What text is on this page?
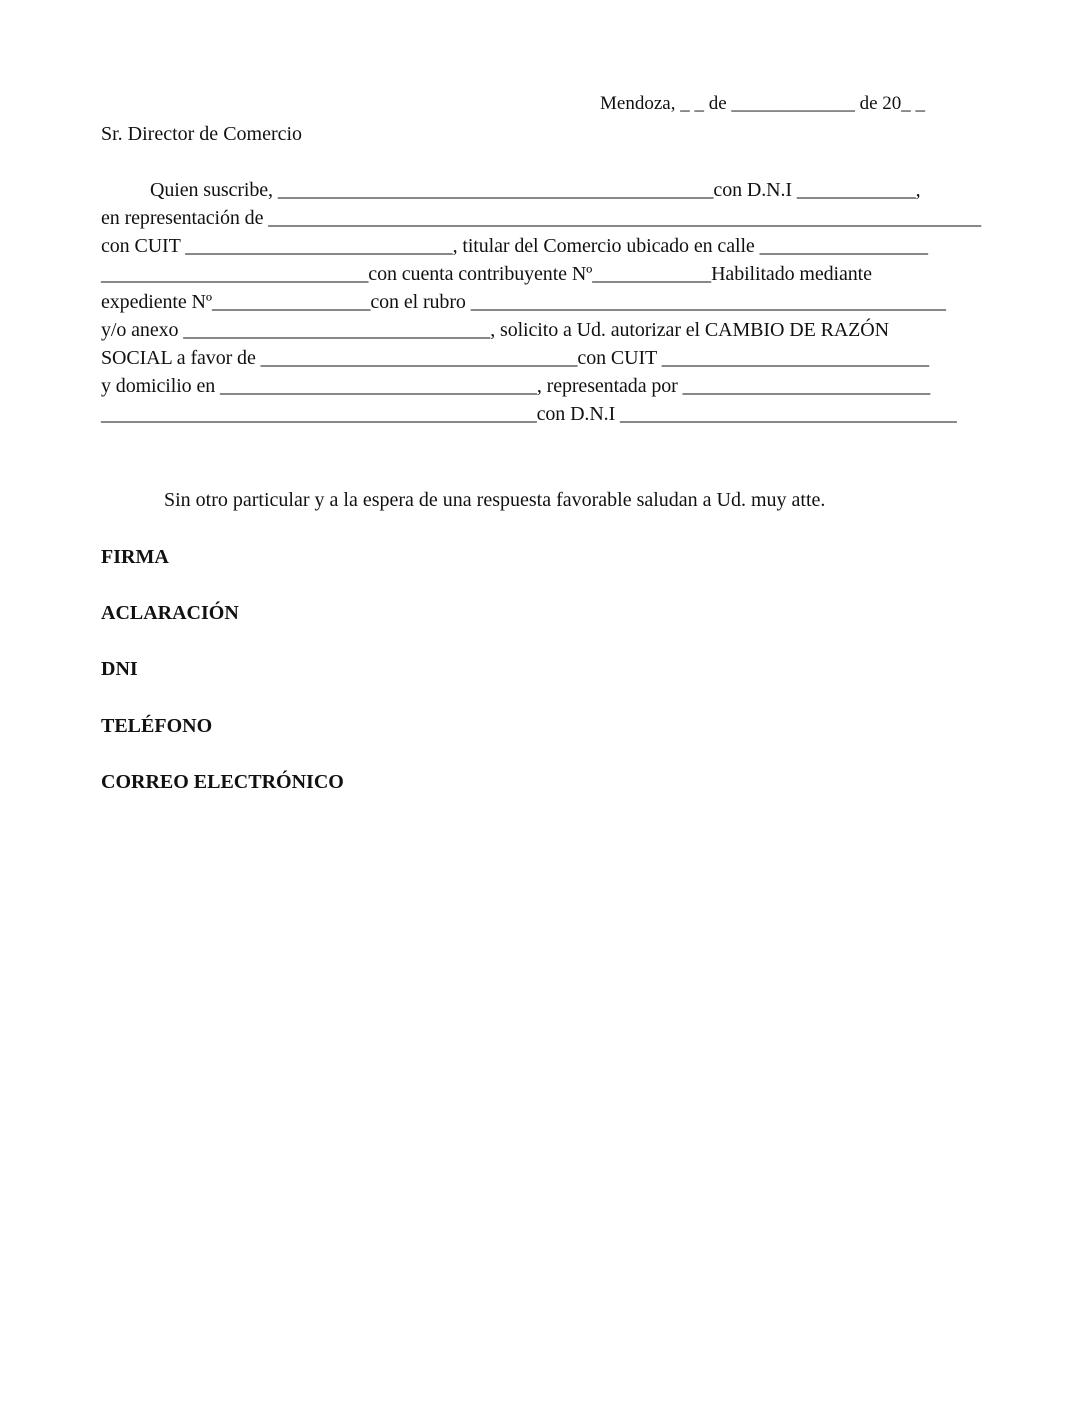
Mendoza, _ _ de _____________ de 20_ _

Sr. Director de Comercio

Quien suscribe, ____________________________________________con D.N.I ____________,

en representación de ________________________________________________________________________

con CUIT ___________________________, titular del Comercio ubicado en calle _________________

___________________________con cuenta contribuyente Nº____________Habilitado mediante

expediente Nº________________con el rubro ________________________________________________

y/o anexo _______________________________, solicito a Ud. autorizar el CAMBIO DE RAZÓN

SOCIAL a favor de ________________________________con CUIT ___________________________

y domicilio en ________________________________, representada por _________________________

____________________________________________con D.N.I __________________________________

Sin otro particular y a la espera de una respuesta favorable saludan a Ud. muy atte.

FIRMA

ACLARACIÓN

DNI

TELÉFONO

CORREO ELECTRÓNICO
